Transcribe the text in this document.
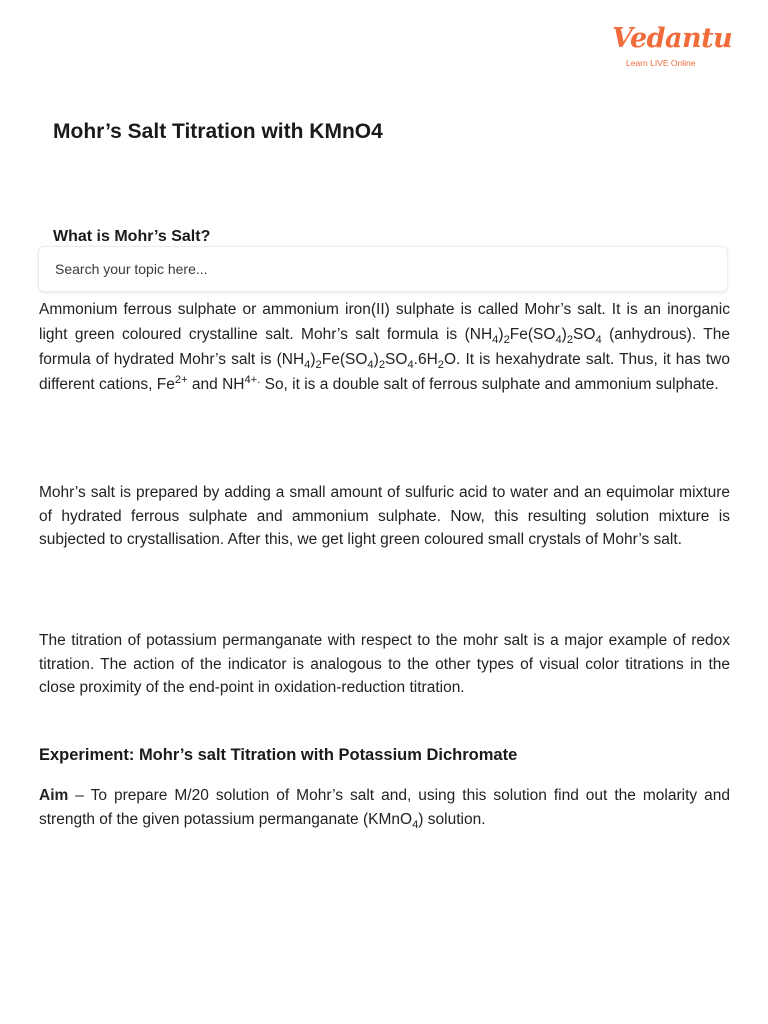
Vedantu
Learn LIVE Online
Mohr’s Salt Titration with KMnO4
What is Mohr’s Salt?
Search your topic here...

Ammonium ferrous sulphate or ammonium iron(II) sulphate is called Mohr’s salt. It is an inorganic light green coloured crystalline salt. Mohr’s salt formula is $(NH_4)_2Fe(SO_4)_2SO_4$ (anhydrous). The formula of hydrated Mohr’s salt is $(NH_4)_2Fe(SO_4)_2SO_4.6H_2O$. It is hexahydrate salt. Thus, it has two different cations, $Fe^{2+}$ and $NH^{4+.}$ So, it is a double salt of ferrous sulphate and ammonium sulphate.

Mohr’s salt is prepared by adding a small amount of sulfuric acid to water and an equimolar mixture of hydrated ferrous sulphate and ammonium sulphate. Now, this resulting solution mixture is subjected to crystallisation. After this, we get light green coloured small crystals of Mohr’s salt.

The titration of potassium permanganate with respect to the mohr salt is a major example of redox titration. The action of the indicator is analogous to the other types of visual color titrations in the close proximity of the end-point in oxidation-reduction titration.

Experiment: Mohr’s salt Titration with Potassium Dichromate

Aim – To prepare M/20 solution of Mohr’s salt and, using this solution find out the molarity and strength of the given potassium permanganate (KMnO$_4$) solution.
